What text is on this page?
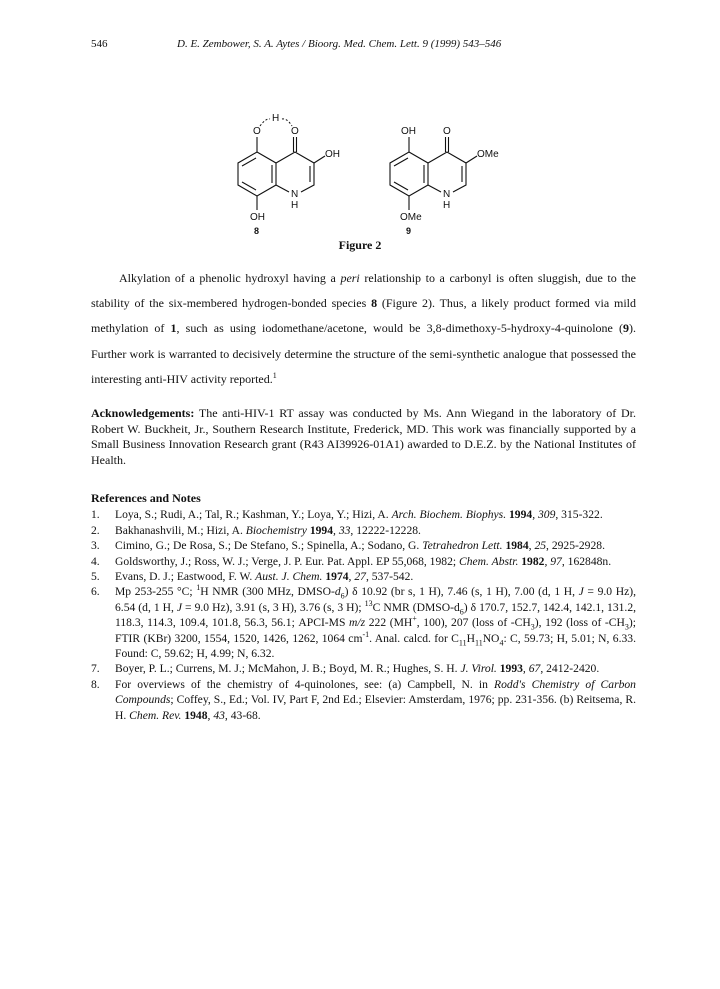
546	D. E. Zembower, S. A. Aytes / Bioorg. Med. Chem. Lett. 9 (1999) 543–546
H
O	O
OH
N
H
OH
8
OH	O
OMe
N
H
OMe
9
Figure 2

Alkylation of a phenolic hydroxyl having a peri relationship to a carbonyl is often sluggish, due to the stability of the six-membered hydrogen-bonded species 8 (Figure 2). Thus, a likely product formed via mild methylation of 1, such as using iodomethane/acetone, would be 3,8-dimethoxy-5-hydroxy-4-quinolone (9). Further work is warranted to decisively determine the structure of the semi-synthetic analogue that possessed the interesting anti-HIV activity reported.$^1$

Acknowledgements: The anti-HIV-1 RT assay was conducted by Ms. Ann Wiegand in the laboratory of Dr. Robert W. Buckheit, Jr., Southern Research Institute, Frederick, MD. This work was financially supported by a Small Business Innovation Research grant (R43 AI39926-01A1) awarded to D.E.Z. by the National Institutes of Health.

References and Notes
1. Loya, S.; Rudi, A.; Tal, R.; Kashman, Y.; Loya, Y.; Hizi, A. Arch. Biochem. Biophys. 1994, 309, 315-322.
2. Bakhanashvili, M.; Hizi, A. Biochemistry 1994, 33, 12222-12228.
3. Cimino, G.; De Rosa, S.; De Stefano, S.; Spinella, A.; Sodano, G. Tetrahedron Lett. 1984, 25, 2925-2928.
4. Goldsworthy, J.; Ross, W. J.; Verge, J. P. Eur. Pat. Appl. EP 55,068, 1982; Chem. Abstr. 1982, 97, 162848n.
5. Evans, D. J.; Eastwood, F. W. Aust. J. Chem. 1974, 27, 537-542.
6. Mp 253-255 °C; $^1$H NMR (300 MHz, DMSO-$d_6$) δ 10.92 (br s, 1 H), 7.46 (s, 1 H), 7.00 (d, 1 H, J = 9.0 Hz), 6.54 (d, 1 H, J = 9.0 Hz), 3.91 (s, 3 H), 3.76 (s, 3 H); $^{13}$C NMR $(DMSO-d_6)$ δ 170.7, 152.7, 142.4, 142.1, 131.2, 118.3, 114.3, 109.4, 101.8, 56.3, 56.1; APCI-MS m/z 222 (MH+, 100), 207 (loss of $-CH_3$), 192 (loss of $-CH_3$); FTIR (KBr) 3200, 1554, 1520, 1426, 1262, 1064 $cm^{-1}$. Anal. calcd. for $C_{11}H_{11}NO_4$: C, 59.73; H, 5.01; N, 6.33. Found: C, 59.62; H, 4.99; N, 6.32.
7. Boyer, P. L.; Currens, M. J.; McMahon, J. B.; Boyd, M. R.; Hughes, S. H. J. Virol. 1993, 67, 2412-2420.
8. For overviews of the chemistry of 4-quinolones, see: (a) Campbell, N. in Rodd's Chemistry of Carbon Compounds; Coffey, S., Ed.; Vol. IV, Part F, 2nd Ed.; Elsevier: Amsterdam, 1976; pp. 231-356. (b) Reitsema, R. H. Chem. Rev. 1948, 43, 43-68.
